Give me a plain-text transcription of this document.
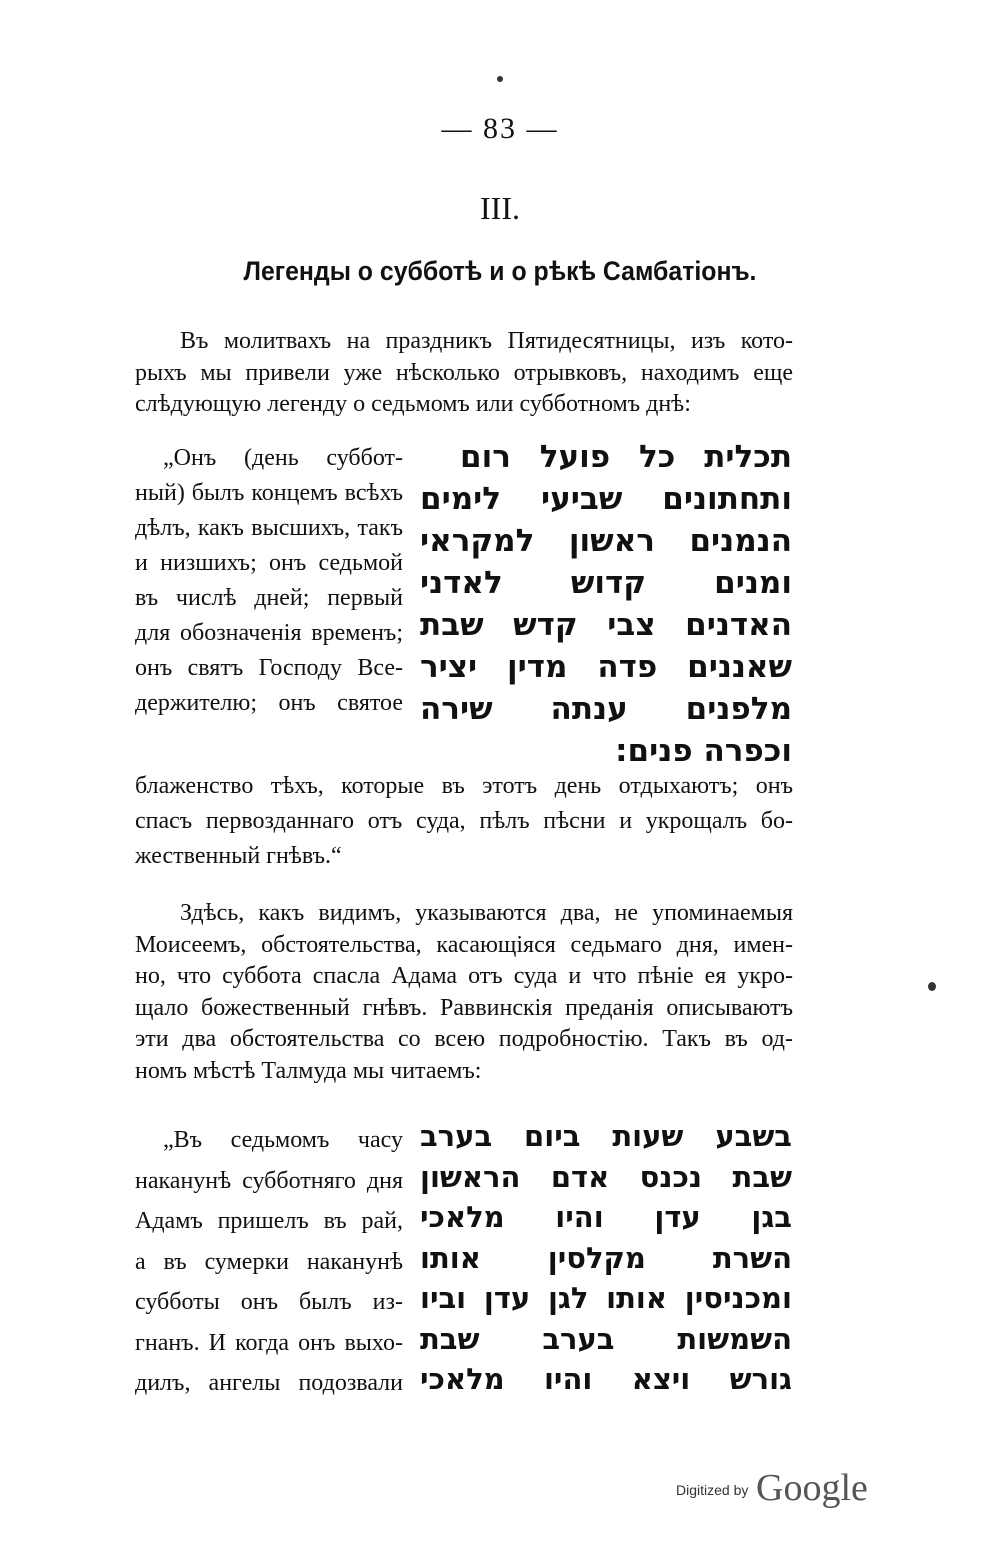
— 83 —
III.
Легенды о субботѣ и о рѣкѣ Самбатіонъ.
Въ молитвахъ на праздникъ Пятидесятницы, изъ кото-
рыхъ мы привели уже нѣсколько отрывковъ, находимъ еще
слѣдующую легенду о седьмомъ или субботномъ днѣ:
„Онъ (день суббот-
ный) былъ концемъ всѣхъ
дѣлъ, какъ высшихъ, такъ
и низшихъ; онъ седьмой
въ числѣ дней; первый
для обозначенія временъ;
онъ святъ Господу Все-
держителю; онъ святое
תכלית כל פועל רום
ותחתונים שביעי לימים
הנמנים ראשון למקראי
ומנים קדוש לאדני
האדנים צבי קדש שבת
שאננים פדה מדין יציר
מלפנים ענתה שירה
וכפרה פנים:
блаженство тѣхъ, которые въ этотъ день отдыхаютъ; онъ
спасъ первозданнаго отъ суда, пѣлъ пѣсни и укрощалъ бо-
жественный гнѣвъ.“
Здѣсь, какъ видимъ, указываются два, не упоминаемыя
Моисеемъ, обстоятельства, касающіяся седьмаго дня, имен-
но, что суббота спасла Адама отъ суда и что пѣніе ея укро-
щало божественный гнѣвъ. Раввинскія преданія описываютъ
эти два обстоятельства со всею подробностію. Такъ въ од-
номъ мѣстѣ Талмуда мы читаемъ:
„Въ седьмомъ часу
наканунѣ субботняго дня
Адамъ пришелъ въ рай,
а въ сумерки наканунѣ
субботы онъ былъ из-
гнанъ. И когда онъ выхо-
дилъ, ангелы подозвали
בשבע שעות ביום בערב
שבת נכנס אדם הראשון
בגן עדן והיו מלאכי
השרת מקלסין אותו
ומכניסין אותו לגן עדן וביו
השמשות בערב שבת
גורש ויצא והיו מלאכי
Digitized by Google
